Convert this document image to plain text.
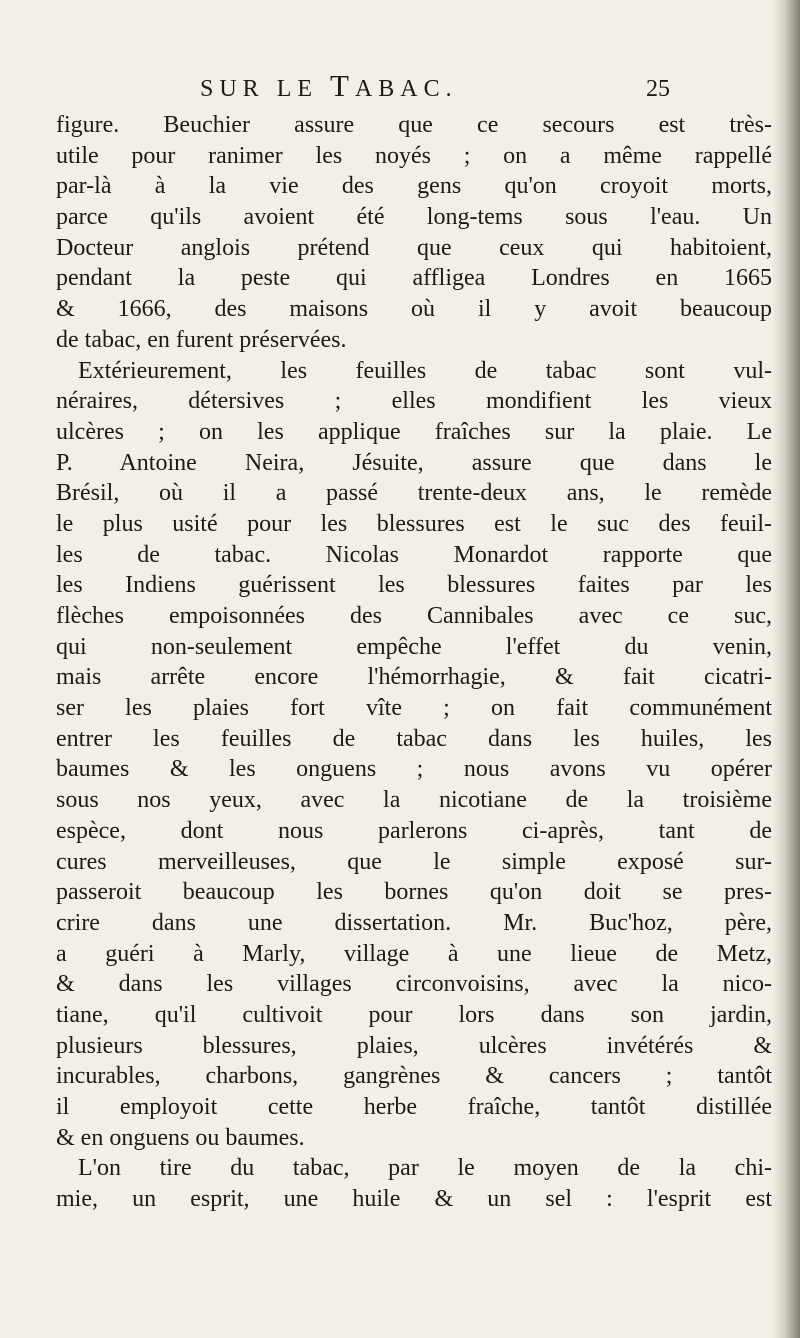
SUR LE TABAC.	25
figure. Beuchier assure que ce secours est très-
utile pour ranimer les noyés ; on a même rappellé
par-là à la vie des gens qu'on croyoit morts,
parce qu'ils avoient été long-tems sous l'eau. Un
Docteur anglois prétend que ceux qui habitoient,
pendant la peste qui affligea Londres en 1665
& 1666, des maisons où il y avoit beaucoup
de tabac, en furent préservées.
Extérieurement, les feuilles de tabac sont vul-
néraires, détersives ; elles mondifient les vieux
ulcères ; on les applique fraîches sur la plaie. Le
P. Antoine Neira, Jésuite, assure que dans le
Brésil, où il a passé trente-deux ans, le remède
le plus usité pour les blessures est le suc des feuil-
les de tabac. Nicolas Monardot rapporte que
les Indiens guérissent les blessures faites par les
flèches empoisonnées des Cannibales avec ce suc,
qui non-seulement empêche l'effet du venin,
mais arrête encore l'hémorrhagie, & fait cicatri-
ser les plaies fort vîte ; on fait communément
entrer les feuilles de tabac dans les huiles, les
baumes & les onguens ; nous avons vu opérer
sous nos yeux, avec la nicotiane de la troisième
espèce, dont nous parlerons ci-après, tant de
cures merveilleuses, que le simple exposé sur-
passeroit beaucoup les bornes qu'on doit se pres-
crire dans une dissertation. Mr. Buc'hoz, père,
a guéri à Marly, village à une lieue de Metz,
& dans les villages circonvoisins, avec la nico-
tiane, qu'il cultivoit pour lors dans son jardin,
plusieurs blessures, plaies, ulcères invétérés &
incurables, charbons, gangrènes & cancers ; tantôt
il employoit cette herbe fraîche, tantôt distillée
& en onguens ou baumes.
L'on tire du tabac, par le moyen de la chi-
mie, un esprit, une huile & un sel : l'esprit est
